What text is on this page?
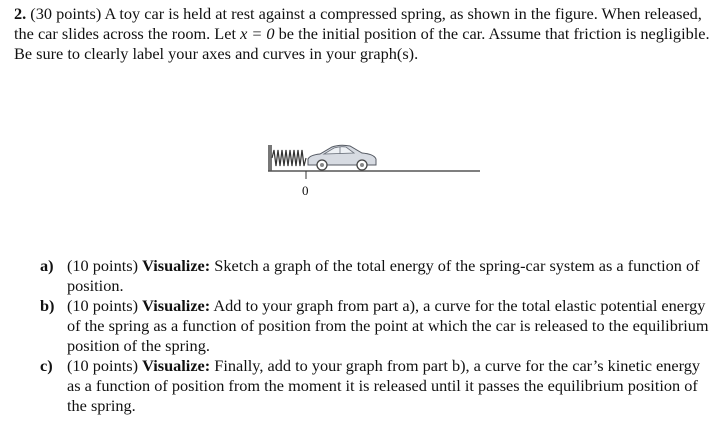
2. (30 points) A toy car is held at rest against a compressed spring, as shown in the figure. When released, the car slides across the room. Let x = 0 be the initial position of the car. Assume that friction is negligible. Be sure to clearly label your axes and curves in your graph(s).
0
a) (10 points) Visualize: Sketch a graph of the total energy of the spring-car system as a function of position.
b) (10 points) Visualize: Add to your graph from part a), a curve for the total elastic potential energy of the spring as a function of position from the point at which the car is released to the equilibrium position of the spring.
c) (10 points) Visualize: Finally, add to your graph from part b), a curve for the car’s kinetic energy as a function of position from the moment it is released until it passes the equilibrium position of the spring.
